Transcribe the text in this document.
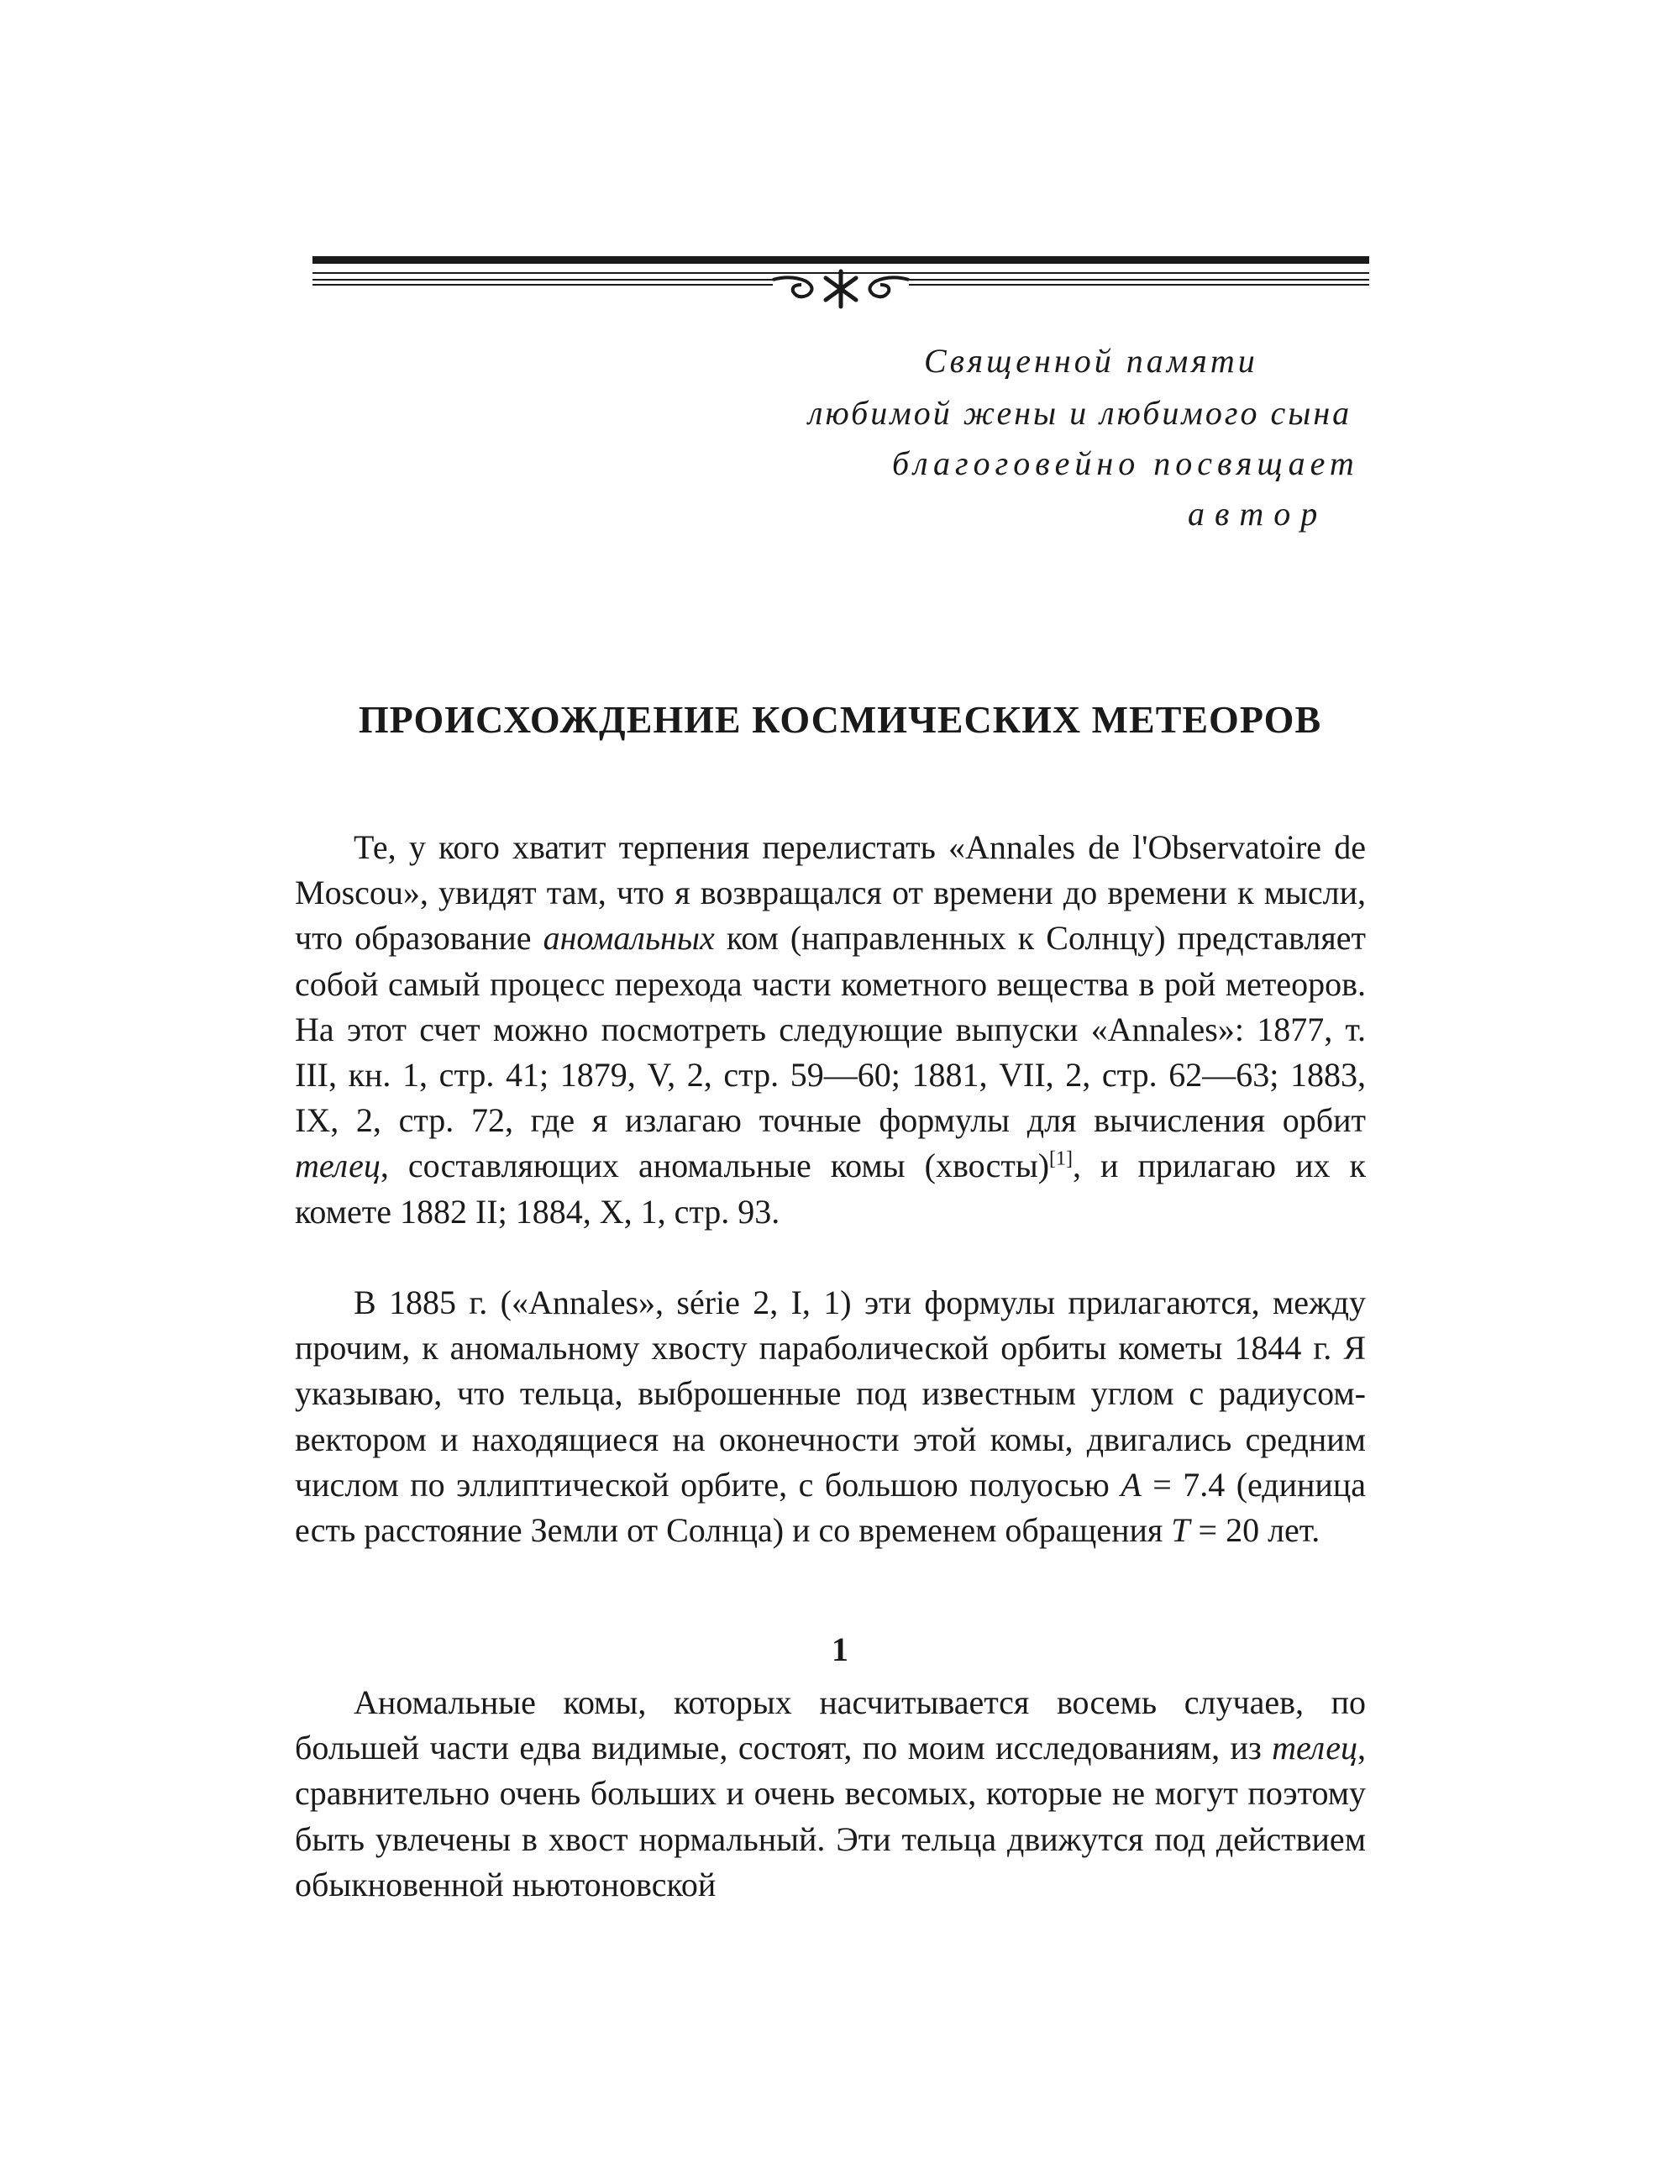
Священной памяти
любимой жены и любимого сына
благоговейно посвящает
автор
ПРОИСХОЖДЕНИЕ КОСМИЧЕСКИХ МЕТЕОРОВ

Те, у кого хватит терпения перелистать «Annales de l'Observatoire de Moscou», увидят там, что я возвращался от времени до времени к мысли, что образование аномальных ком (направленных к Солнцу) представляет собой самый процесс перехода части кометного вещества в рой метеоров. На этот счет можно посмотреть следующие выпуски «Annales»: 1877, т. III, кн. 1, стр. 41; 1879, V, 2, стр. 59—60; 1881, VII, 2, стр. 62—63; 1883, IX, 2, стр. 72, где я излагаю точные формулы для вычисления орбит телец, составляющих аномальные комы (хвосты)[1], и прилагаю их к комете 1882 II; 1884, X, 1, стр. 93.

В 1885 г. («Annales», série 2, I, 1) эти формулы прилагаются, между прочим, к аномальному хвосту параболической орбиты кометы 1844 г. Я указываю, что тельца, выброшенные под известным углом с радиусом-вектором и находящиеся на оконечности этой комы, двигались средним числом по эллиптической орбите, с большою полуосью A = 7.4 (единица есть расстояние Земли от Солнца) и со временем обращения T = 20 лет.

1

Аномальные комы, которых насчитывается восемь случаев, по большей части едва видимые, состоят, по моим исследованиям, из телец, сравнительно очень больших и очень весомых, которые не могут поэтому быть увлечены в хвост нормальный. Эти тельца движутся под действием обыкновенной ньютоновской
